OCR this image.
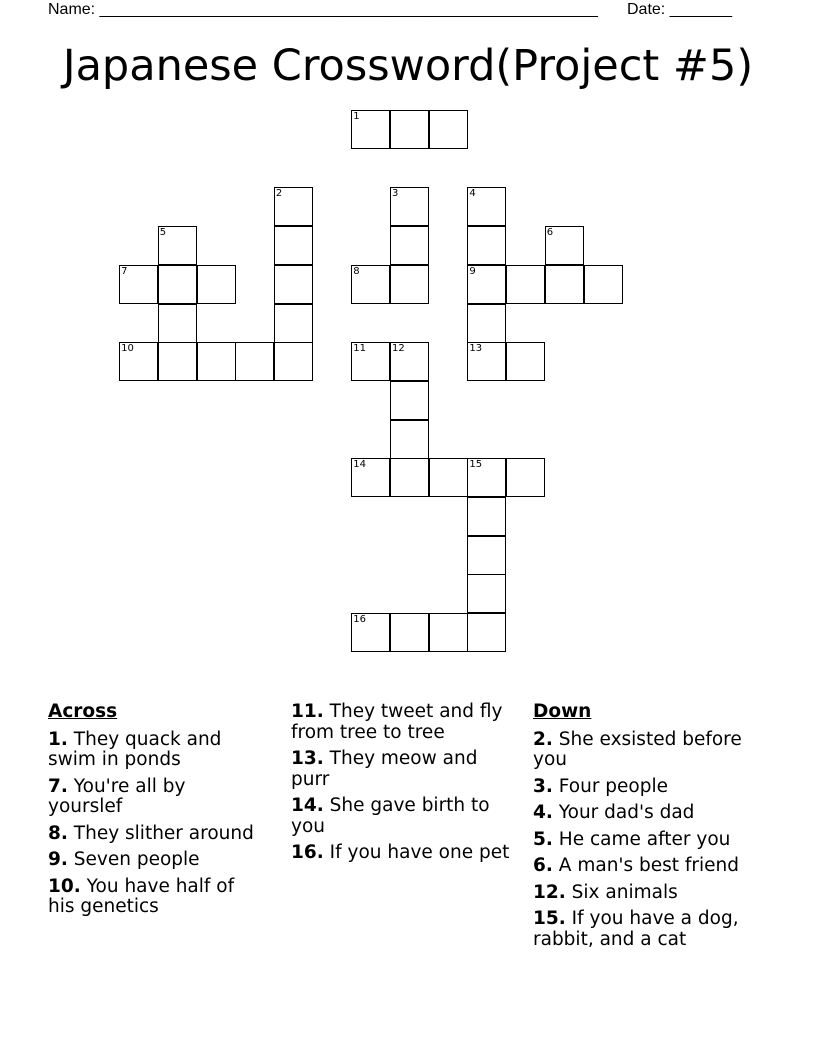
Name: ________________________________________________________ Date: _______
Japanese Crossword(Project #5)
1
2	3	4
5	6
7	8	9
10	11	12	13
14	15
16
Across
1. They quack and swim in ponds
7. You're all by yourslef
8. They slither around
9. Seven people
10. You have half of his genetics
11. They tweet and fly from tree to tree
13. They meow and purr
14. She gave birth to you
16. If you have one pet
Down
2. She exsisted before you
3. Four people
4. Your dad's dad
5. He came after you
6. A man's best friend
12. Six animals
15. If you have a dog, rabbit, and a cat
